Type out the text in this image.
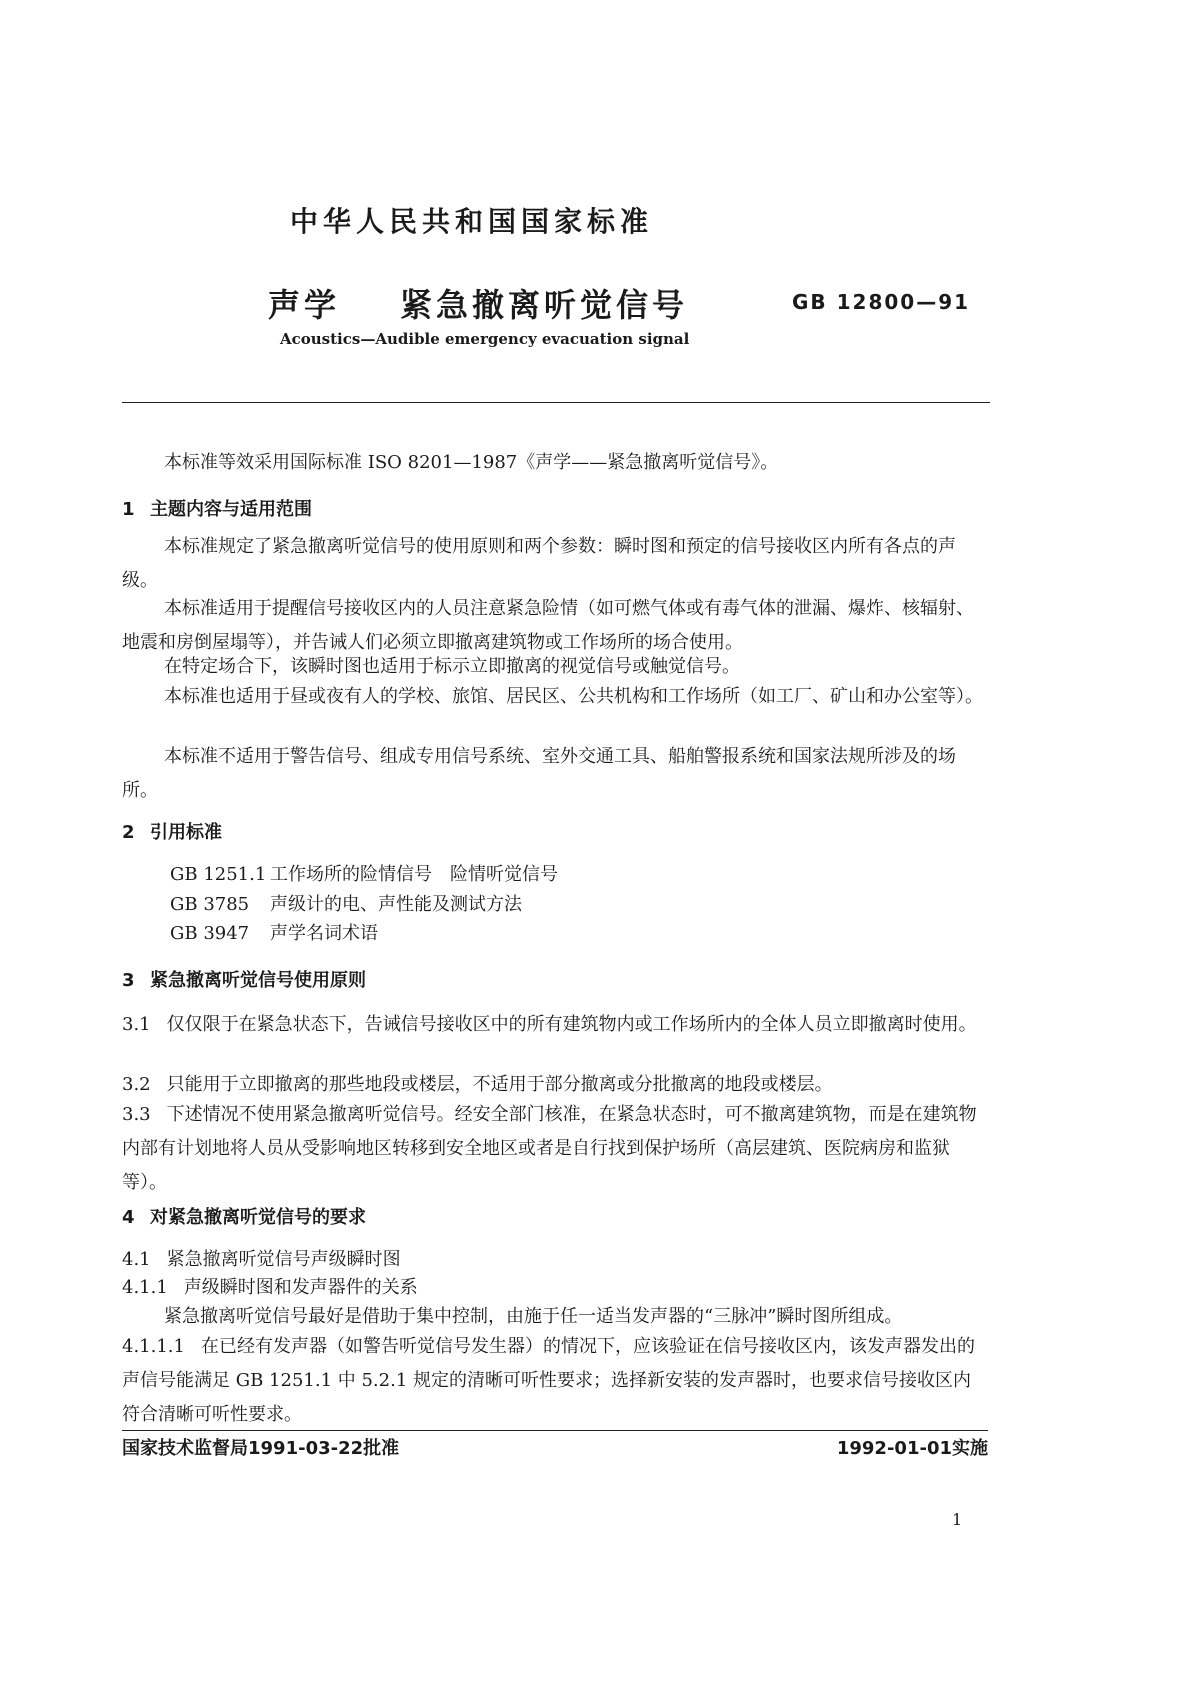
中华人民共和国国家标准
声学 紧急撤离听觉信号	GB 12800—91
Acoustics—Audible emergency evacuation signal
本标准等效采用国际标准 ISO 8201—1987《声学——紧急撤离听觉信号》。
1 主题内容与适用范围
本标准规定了紧急撤离听觉信号的使用原则和两个参数：瞬时图和预定的信号接收区内所有各点的声级。
本标准适用于提醒信号接收区内的人员注意紧急险情（如可燃气体或有毒气体的泄漏、爆炸、核辐射、地震和房倒屋塌等），并告诫人们必须立即撤离建筑物或工作场所的场合使用。
在特定场合下，该瞬时图也适用于标示立即撤离的视觉信号或触觉信号。
本标准也适用于昼或夜有人的学校、旅馆、居民区、公共机构和工作场所（如工厂、矿山和办公室等）。
本标准不适用于警告信号、组成专用信号系统、室外交通工具、船舶警报系统和国家法规所涉及的场所。
2 引用标准
GB 1251.1 工作场所的险情信号　险情听觉信号
GB 3785 声级计的电、声性能及测试方法
GB 3947 声学名词术语
3 紧急撤离听觉信号使用原则
3.1 仅仅限于在紧急状态下，告诫信号接收区中的所有建筑物内或工作场所内的全体人员立即撤离时使用。
3.2 只能用于立即撤离的那些地段或楼层，不适用于部分撤离或分批撤离的地段或楼层。
3.3 下述情况不使用紧急撤离听觉信号。经安全部门核准，在紧急状态时，可不撤离建筑物，而是在建筑物内部有计划地将人员从受影响地区转移到安全地区或者是自行找到保护场所（高层建筑、医院病房和监狱等）。
4 对紧急撤离听觉信号的要求
4.1 紧急撤离听觉信号声级瞬时图
4.1.1 声级瞬时图和发声器件的关系
紧急撤离听觉信号最好是借助于集中控制，由施于任一适当发声器的“三脉冲”瞬时图所组成。
4.1.1.1 在已经有发声器（如警告听觉信号发生器）的情况下，应该验证在信号接收区内，该发声器发出的声信号能满足 GB 1251.1 中 5.2.1 规定的清晰可听性要求；选择新安装的发声器时，也要求信号接收区内符合清晰可听性要求。
国家技术监督局1991-03-22批准	1992-01-01实施
1
